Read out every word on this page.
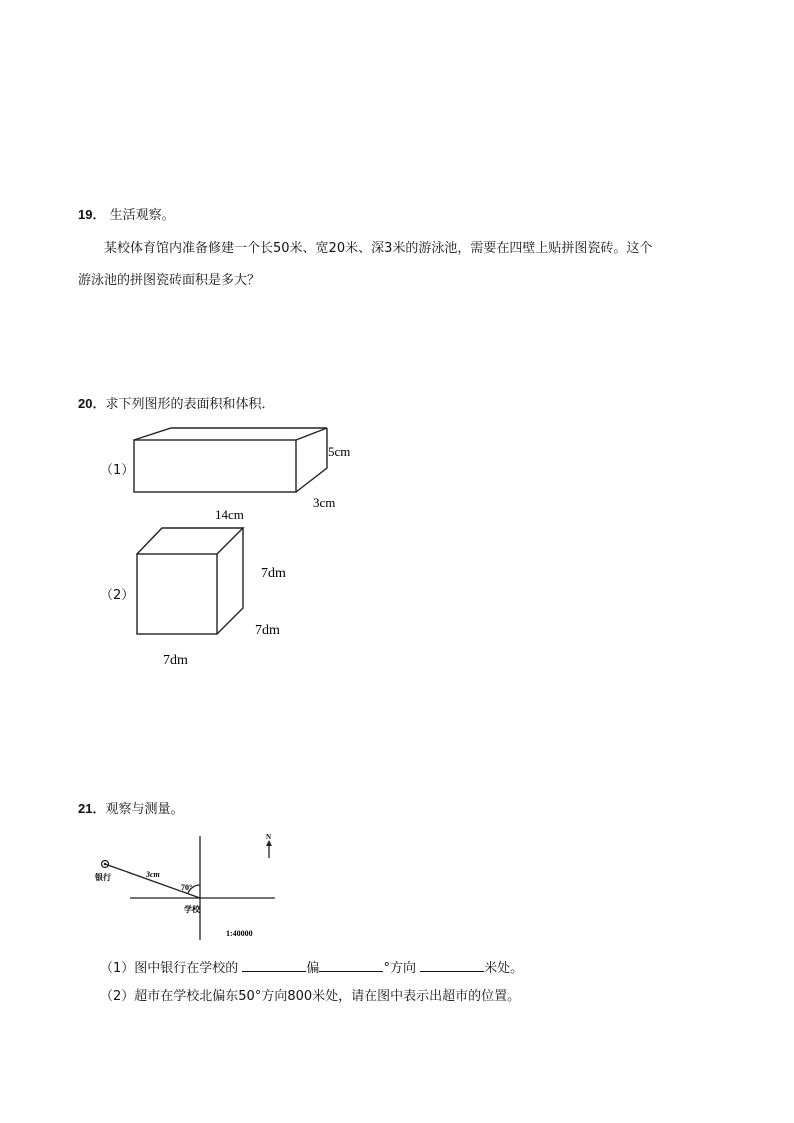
19． 生活观察。
某校体育馆内准备修建一个长50米、宽20米、深3米的游泳池，需要在四壁上贴拼图瓷砖。这个
游泳池的拼图瓷砖面积是多大？
20．求下列图形的表面积和体积．
（1）
5cm
3cm
14cm
（2）
7dm
7dm
7dm
21．观察与测量。
N
银行	3cm
70°
学校
1:40000
（1）图中银行在学校的	偏	°方向	米处。
（2）超市在学校北偏东50°方向800米处，请在图中表示出超市的位置。
